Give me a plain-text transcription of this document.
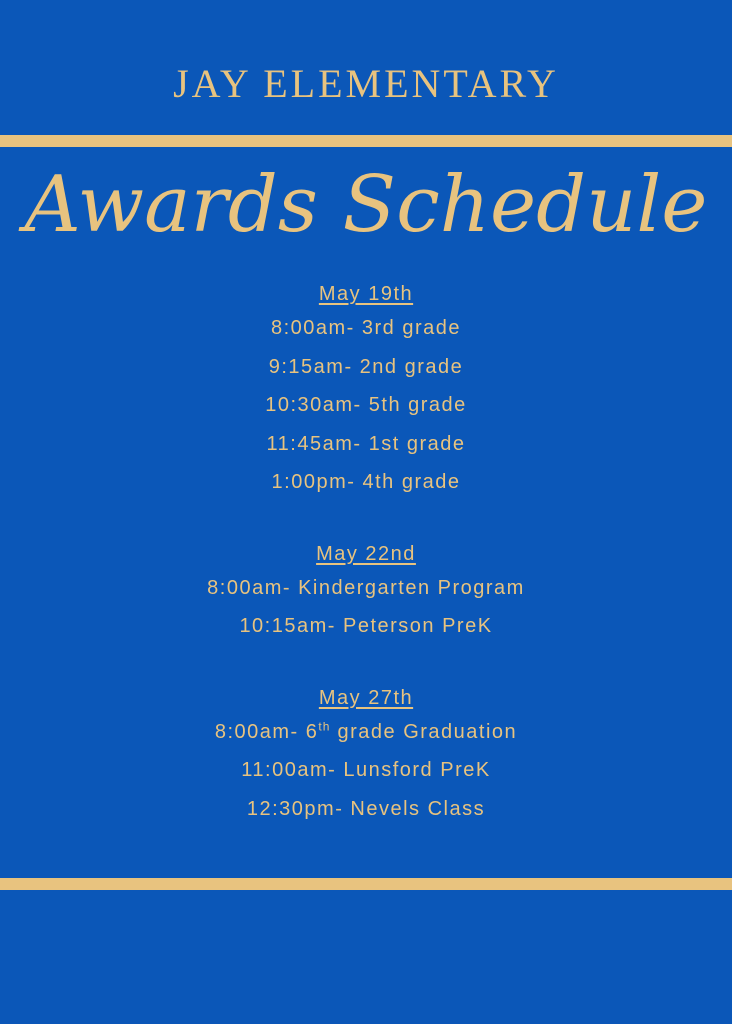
JAY ELEMENTARY
Awards Schedule
May 19th
8:00am- 3rd grade
9:15am- 2nd grade
10:30am- 5th grade
11:45am- 1st grade
1:00pm- 4th grade
May 22nd
8:00am- Kindergarten Program
10:15am- Peterson PreK
May 27th
8:00am- 6th grade Graduation
11:00am- Lunsford PreK
12:30pm- Nevels Class
